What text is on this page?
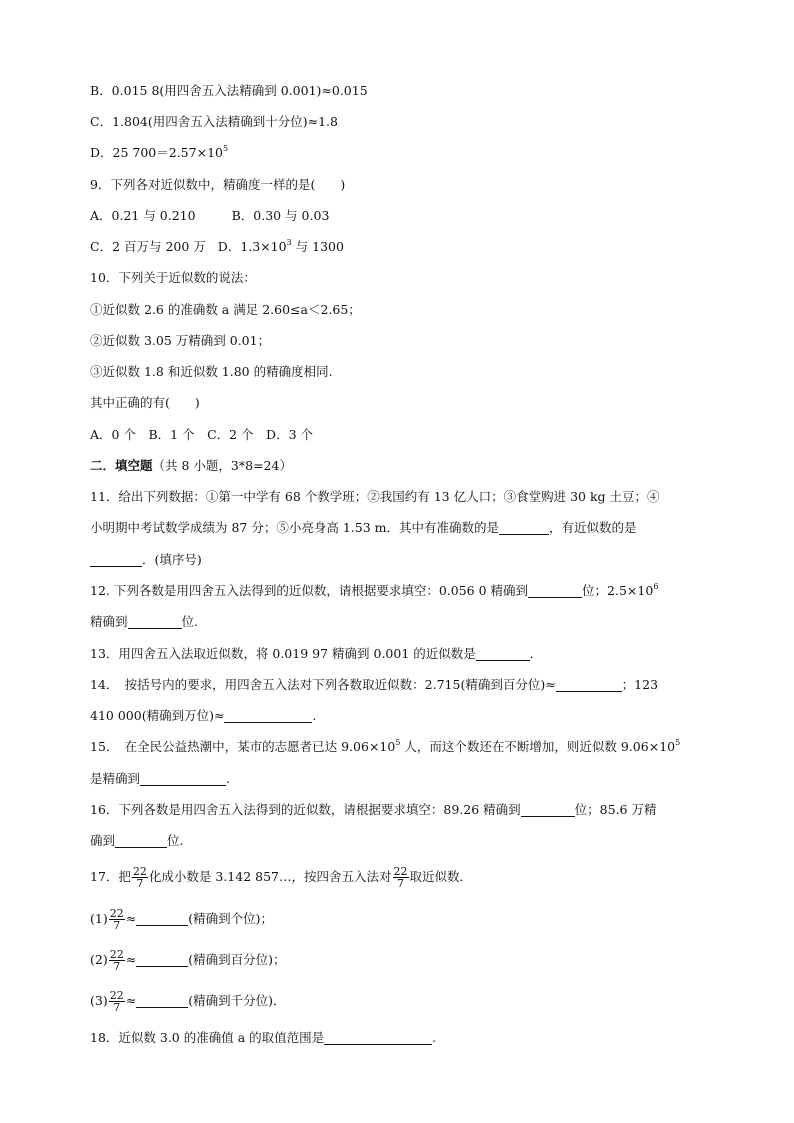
B．0.015 8(用四舍五入法精确到 0.001)≈0.015
C．1.804(用四舍五入法精确到十分位)≈1.8
D．25 $700=2.57\times 10^5$
9．下列各对近似数中，精确度一样的是(　　)
A．0.21 与 0.210	B．0.30 与 0.03
C．2 百万与 200 万 D．$1.3\times 10^3$ 与 1300
10．下列关于近似数的说法：
①近似数 2.6 的准确数 a 满足 2.60≤a＜2.65；
②近似数 3.05 万精确到 0.01；
③近似数 1.8 和近似数 1.80 的精确度相同.
其中正确的有(　　)
A．0 个　B．1 个　C．2 个　D．3 个
二．填空题（共 8 小题，3*8=24）
11．给出下列数据：①第一中学有 68 个教学班；②我国约有 13 亿人口；③食堂购进 30 kg 土豆；④
小明期中考试数学成绩为 87 分；⑤小亮身高 1.53 m．其中有准确数的是	，有近似数的是
．(填序号)
12. 下列各数是用四舍五入法得到的近似数，请根据要求填空：0.056 0 精确到	位；$2.5\times 10^6$
精确到	位.
13．用四舍五入法取近似数，将 0.019 97 精确到 0.001 的近似数是	．
14．　按括号内的要求，用四舍五入法对下列各数取近似数：2.715(精确到百分位)≈	；123
410 000(精确到万位)≈	.
15．　在全民公益热潮中，某市的志愿者已达 $9.06\times 10^5$ 人，而这个数还在不断增加，则近似数 $9.06\times 10^5$
是精确到	.
16．下列各数是用四舍五入法得到的近似数，请根据要求填空：89.26 精确到	位；85.6 万精
确到	位.
17．把 $\frac{22}{7}$ 化成小数是 3.142 857…，按四舍五入法对 $\frac{22}{7}$ 取近似数．
$(1) \frac{22}{7}$ ≈	(精确到个位)；
$(2) \frac{22}{7}$ ≈	(精确到百分位)；
$(3) \frac{22}{7}$ ≈	(精确到千分位)．
18．近似数 3.0 的准确值 a 的取值范围是	.
